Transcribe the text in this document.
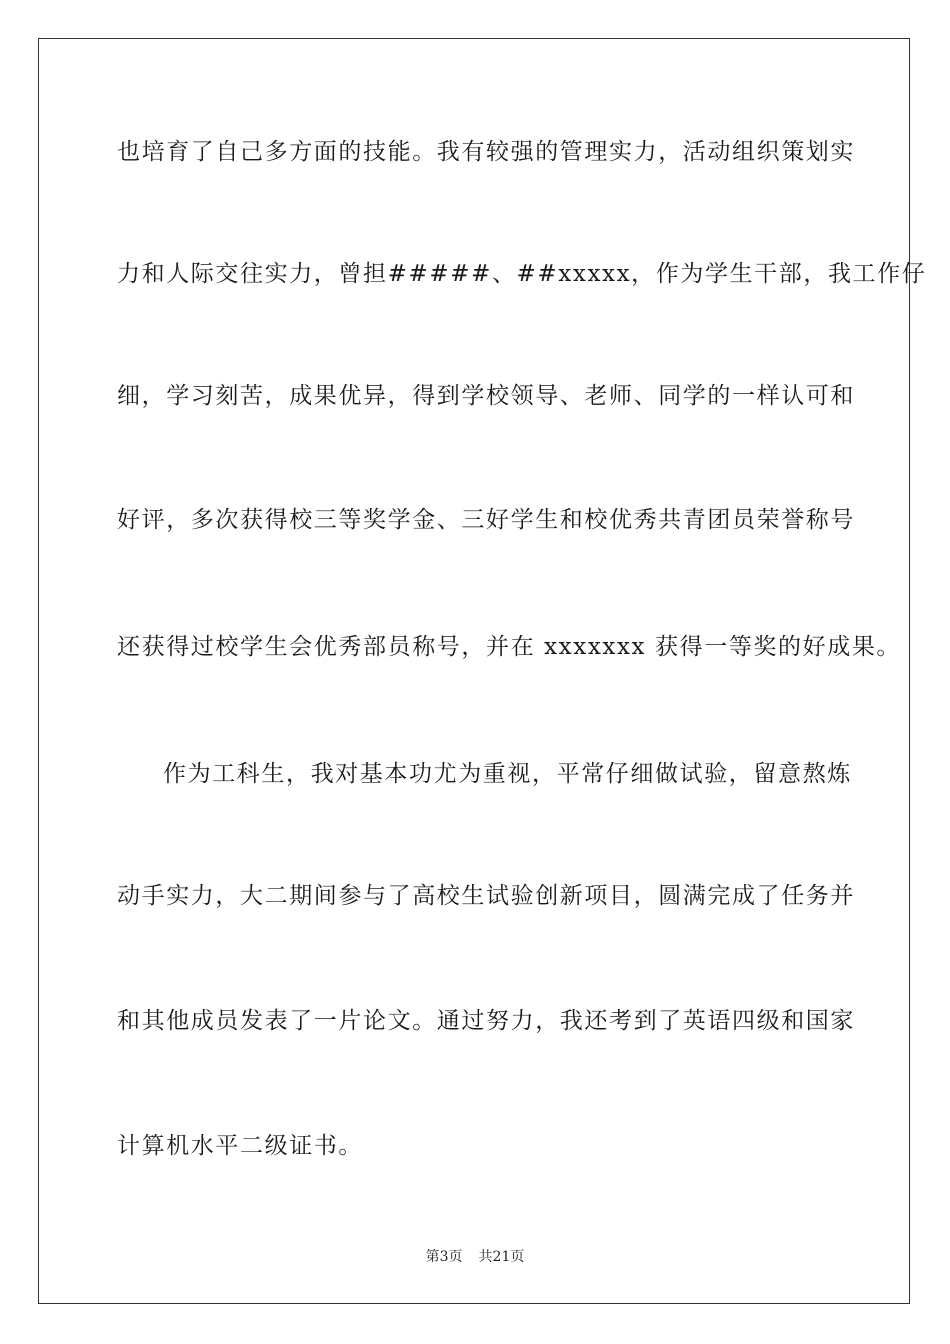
也培育了自己多方面的技能。我有较强的管理实力，活动组织策划实
力和人际交往实力，曾担#####、##xxxxx，作为学生干部，我工作仔
细，学习刻苦，成果优异，得到学校领导、老师、同学的一样认可和
好评，多次获得校三等奖学金、三好学生和校优秀共青团员荣誉称号
还获得过校学生会优秀部员称号，并在 xxxxxxx 获得一等奖的好成果。
作为工科生，我对基本功尤为重视，平常仔细做试验，留意熬炼
动手实力，大二期间参与了高校生试验创新项目，圆满完成了任务并
和其他成员发表了一片论文。通过努力，我还考到了英语四级和国家
计算机水平二级证书。
第3页 共21页
